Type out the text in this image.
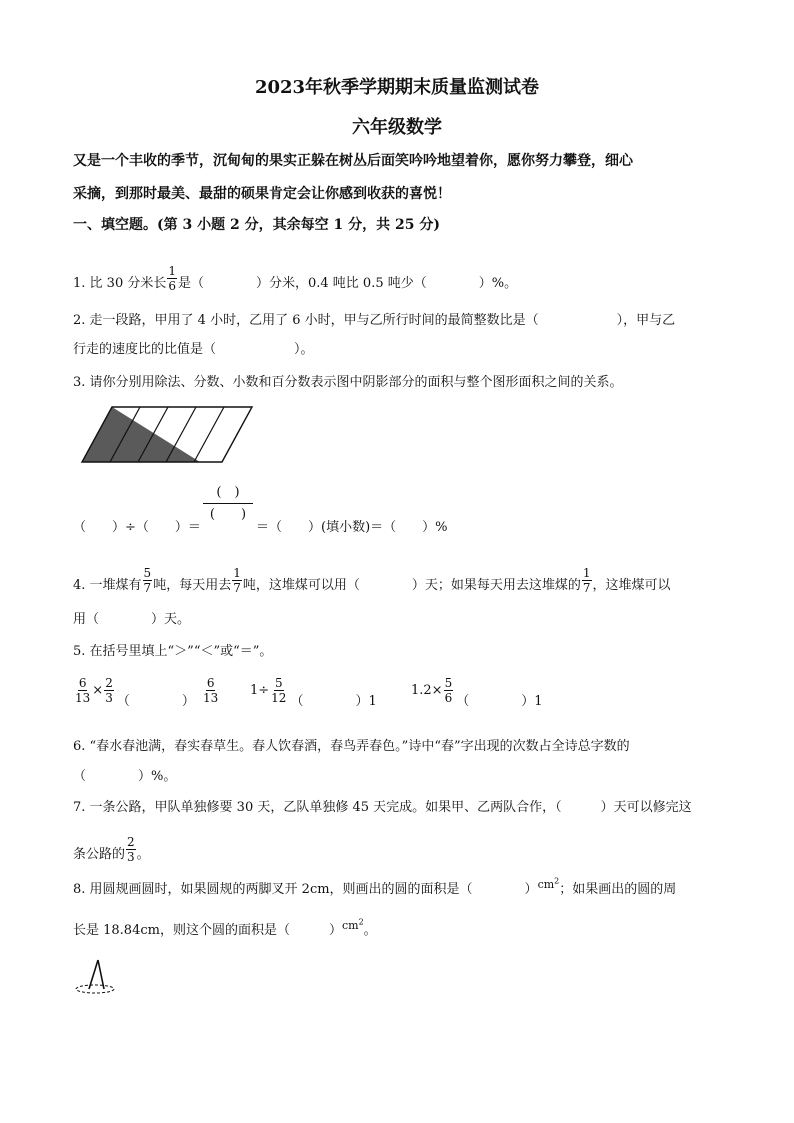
2023年秋季学期期末质量监测试卷
六年级数学
又是一个丰收的季节，沉甸甸的果实正躲在树丛后面笑吟吟地望着你，愿你努力攀登，细心
采摘，到那时最美、最甜的硕果肯定会让你感到收获的喜悦！
一、填空题。(第 3 小题 2 分，其余每空 1 分，共 25 分)
1. 比 30 分米长 $\frac{1}{6}$ 是（　　　　）分米，0.4 吨比 0.5 吨少（　　　　）%。
2. 走一段路，甲用了 4 小时，乙用了 6 小时，甲与乙所行时间的最简整数比是（　　　　　　），甲与乙
行走的速度比的比值是（　　　　　　）。
3. 请你分别用除法、分数、小数和百分数表示图中阴影部分的面积与整个图形面积之间的关系。
（　　）÷（　　）＝
(　)
(　　)
＝（　　）(填小数)＝（　　）%
4. 一堆煤有 $\frac{5}{7}$ 吨，每天用去 $\frac{1}{7}$ 吨，这堆煤可以用（　　　　）天；如果每天用去这堆煤的 $\frac{1}{7}$ ，这堆煤可以
用（　　　　）天。
5. 在括号里填上“＞”“＜”或“＝”。
$\frac{6}{13} \times \frac{2}{3}$ （　　　　） $\frac{6}{13} 1\div \frac{5}{12}$ （　　　　）1
$1.2\times \frac{5}{6}$ （　　　　）1
6. “春水春池满，春实春草生。春人饮春酒，春鸟弄春色。”诗中“春”字出现的次数占全诗总字数的
（　　　　）%。
7. 一条公路，甲队单独修要 30 天，乙队单独修 45 天完成。如果甲、乙两队合作，（　　　）天可以修完这
条公路的 $\frac{2}{3}$ 。
8. 用圆规画圆时，如果圆规的两脚叉开 2cm，则画出的圆的面积是（　　　　）$^{cm^2}$；如果画出的圆的周
长是 18.84cm，则这个圆的面积是（　　　）$^{cm^2}$。
